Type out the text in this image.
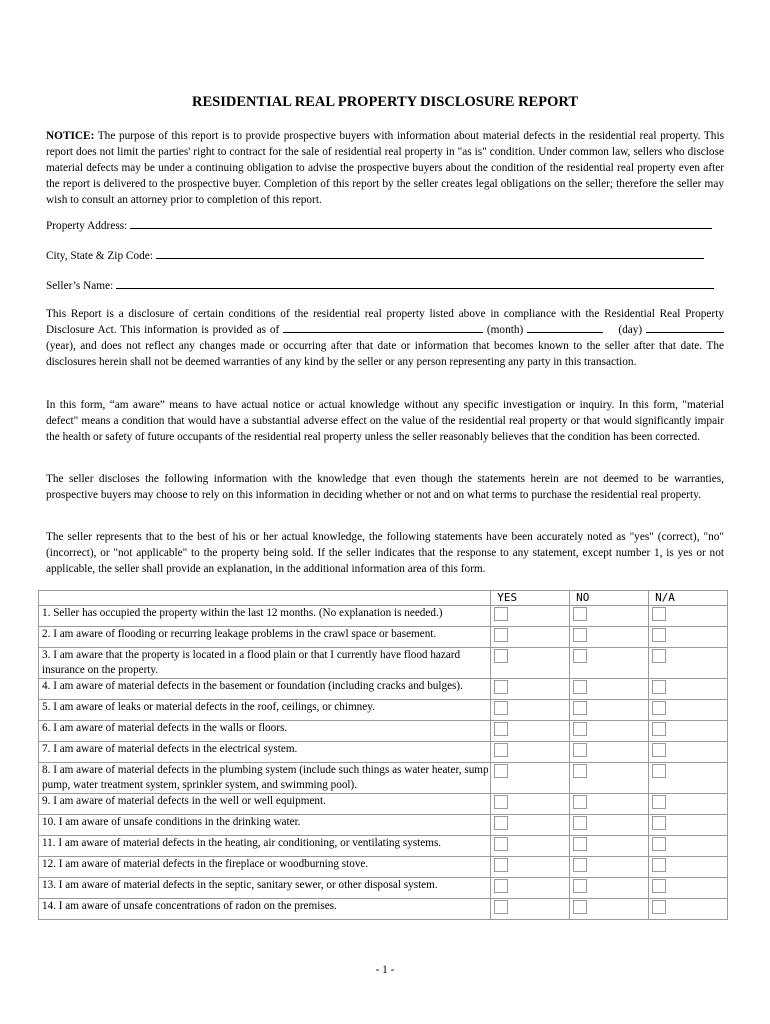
RESIDENTIAL REAL PROPERTY DISCLOSURE REPORT
NOTICE: The purpose of this report is to provide prospective buyers with information about material defects in the residential real property. This report does not limit the parties' right to contract for the sale of residential real property in "as is" condition. Under common law, sellers who disclose material defects may be under a continuing obligation to advise the prospective buyers about the condition of the residential real property even after the report is delivered to the prospective buyer. Completion of this report by the seller creates legal obligations on the seller; therefore the seller may wish to consult an attorney prior to completion of this report.
Property Address:
City, State & Zip Code:
Seller’s Name:
This Report is a disclosure of certain conditions of the residential real property listed above in compliance with the Residential Real Property Disclosure Act. This information is provided as of	(month)	(day)  (year), and does not reflect any changes made or occurring after that date or information that becomes known to the seller after that date. The disclosures herein shall not be deemed warranties of any kind by the seller or any person representing any party in this transaction.
In this form, “am aware” means to have actual notice or actual knowledge without any specific investigation or inquiry. In this form, "material defect" means a condition that would have a substantial adverse effect on the value of the residential real property or that would significantly impair the health or safety of future occupants of the residential real property unless the seller reasonably believes that the condition has been corrected.
The seller discloses the following information with the knowledge that even though the statements herein are not deemed to be warranties, prospective buyers may choose to rely on this information in deciding whether or not and on what terms to purchase the residential real property.
The seller represents that to the best of his or her actual knowledge, the following statements have been accurately noted as "yes" (correct), "no" (incorrect), or "not applicable" to the property being sold. If the seller indicates that the response to any statement, except number 1, is yes or not applicable, the seller shall provide an explanation, in the additional information area of this form.
	YES	NO	N/A
1. Seller has occupied the property within the last 12 months. (No explanation is needed.)			
2. I am aware of flooding or recurring leakage problems in the crawl space or basement.			
3. I am aware that the property is located in a flood plain or that I currently have flood hazard insurance on the property.			
4. I am aware of material defects in the basement or foundation (including cracks and bulges).			
5. I am aware of leaks or material defects in the roof, ceilings, or chimney.			
6. I am aware of material defects in the walls or floors.			
7. I am aware of material defects in the electrical system.			
8. I am aware of material defects in the plumbing system (include such things as water heater, sump pump, water treatment system, sprinkler system, and swimming pool).			
9. I am aware of material defects in the well or well equipment.			
10. I am aware of unsafe conditions in the drinking water.			
11. I am aware of material defects in the heating, air conditioning, or ventilating systems.			
12. I am aware of material defects in the fireplace or woodburning stove.			
13. I am aware of material defects in the septic, sanitary sewer, or other disposal system.			
14. I am aware of unsafe concentrations of radon on the premises.			
- 1 -
